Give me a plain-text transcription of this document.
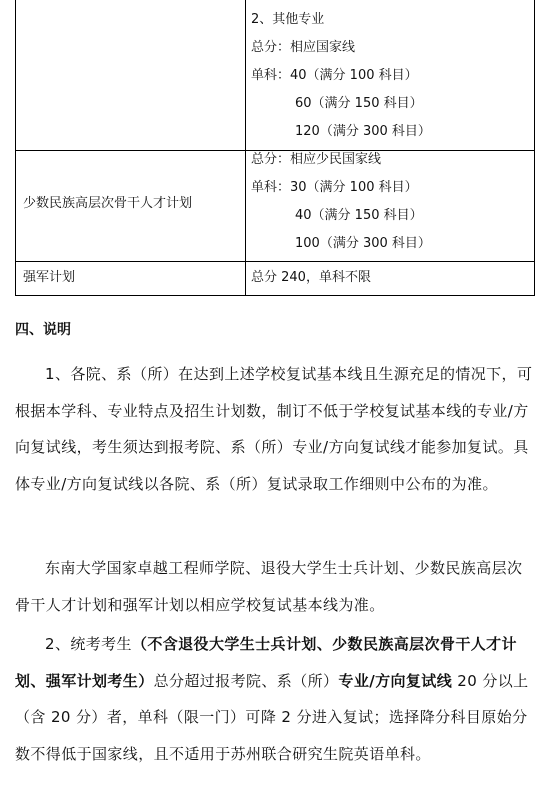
2、其他专业
总分：相应国家线
单科：40（满分 100 科目）
60（满分 150 科目）
120（满分 300 科目）
少数民族高层次骨干人才计划
总分：相应少民国家线
单科：30（满分 100 科目）
40（满分 150 科目）
100（满分 300 科目）
强军计划	总分 240，单科不限
四、说明
1、各院、系（所）在达到上述学校复试基本线且生源充足的情况下，可根据本学科、专业特点及招生计划数，制订不低于学校复试基本线的专业/方向复试线，考生须达到报考院、系（所）专业/方向复试线才能参加复试。具体专业/方向复试线以各院、系（所）复试录取工作细则中公布的为准。
东南大学国家卓越工程师学院、退役大学生士兵计划、少数民族高层次骨干人才计划和强军计划以相应学校复试基本线为准。
2、统考考生（不含退役大学生士兵计划、少数民族高层次骨干人才计划、强军计划考生）总分超过报考院、系（所）专业/方向复试线 20 分以上（含 20 分）者，单科（限一门）可降 2 分进入复试；选择降分科目原始分数不得低于国家线，且不适用于苏州联合研究生院英语单科。
